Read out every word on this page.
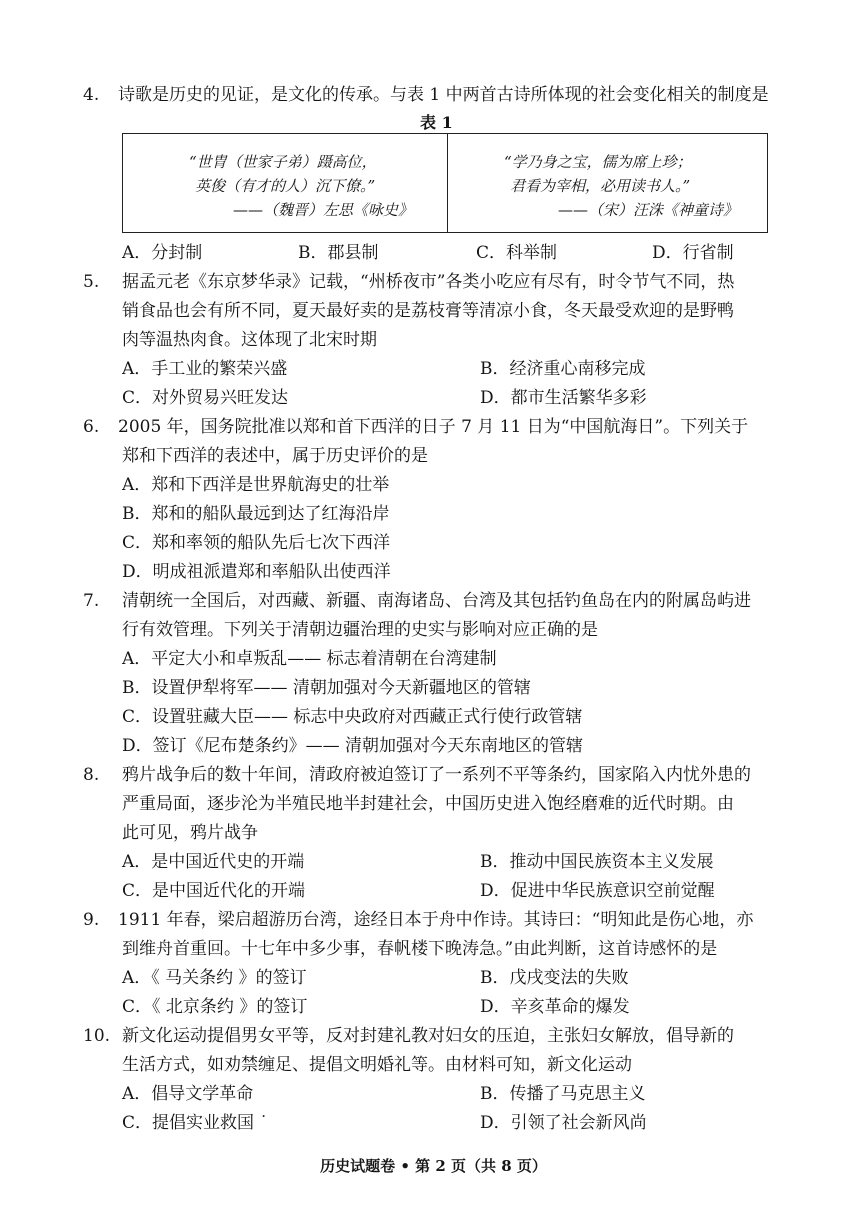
4. 诗歌是历史的见证，是文化的传承。与表 1 中两首古诗所体现的社会变化相关的制度是
表 1
“世胄（世家子弟）蹑高位，
英俊（有才的人）沉下僚。”
——（魏晋）左思《咏史》
“学乃身之宝，儒为席上珍；
君看为宰相，必用读书人。”
——（宋）汪洙《神童诗》
A．分封制	B．郡县制	C．科举制	D．行省制
5. 据孟元老《东京梦华录》记载，“州桥夜市”各类小吃应有尽有，时令节气不同，热
销食品也会有所不同，夏天最好卖的是荔枝膏等清凉小食，冬天最受欢迎的是野鸭
肉等温热肉食。这体现了北宋时期
A．手工业的繁荣兴盛	B．经济重心南移完成
C．对外贸易兴旺发达	D．都市生活繁华多彩
6. 2005 年，国务院批准以郑和首下西洋的日子 7 月 11 日为“中国航海日”。下列关于
郑和下西洋的表述中，属于历史评价的是
A．郑和下西洋是世界航海史的壮举
B．郑和的船队最远到达了红海沿岸
C．郑和率领的船队先后七次下西洋
D．明成祖派遣郑和率船队出使西洋
7. 清朝统一全国后，对西藏、新疆、南海诸岛、台湾及其包括钓鱼岛在内的附属岛屿进
行有效管理。下列关于清朝边疆治理的史实与影响对应正确的是
A．平定大小和卓叛乱—— 标志着清朝在台湾建制
B．设置伊犁将军—— 清朝加强对今天新疆地区的管辖
C．设置驻藏大臣—— 标志中央政府对西藏正式行使行政管辖
D．签订《尼布楚条约》—— 清朝加强对今天东南地区的管辖
8. 鸦片战争后的数十年间，清政府被迫签订了一系列不平等条约，国家陷入内忧外患的
严重局面，逐步沦为半殖民地半封建社会，中国历史进入饱经磨难的近代时期。由
此可见，鸦片战争
A．是中国近代史的开端	B．推动中国民族资本主义发展
C．是中国近代化的开端	D．促进中华民族意识空前觉醒
9. 1911 年春，梁启超游历台湾，途经日本于舟中作诗。其诗曰：“明知此是伤心地，亦
到维舟首重回。十七年中多少事，春帆楼下晚涛急。”由此判断，这首诗感怀的是
A．《 马关条约 》的签订	B．戊戌变法的失败
C．《 北京条约 》的签订	D．辛亥革命的爆发
10. 新文化运动提倡男女平等，反对封建礼教对妇女的压迫，主张妇女解放，倡导新的
生活方式，如劝禁缠足、提倡文明婚礼等。由材料可知，新文化运动
A．倡导文学革命	B．传播了马克思主义
C．提倡实业救国 ˙	D．引领了社会新风尚
历史试题卷 • 第 2 页（共 8 页）
